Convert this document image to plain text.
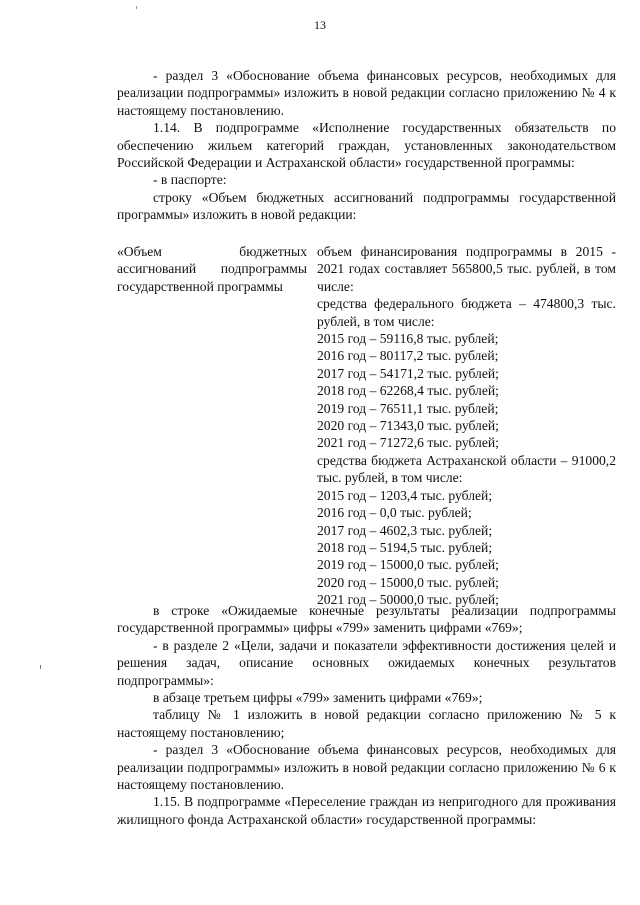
13

- раздел 3 «Обоснование объема финансовых ресурсов, необходимых для реализации подпрограммы» изложить в новой редакции согласно приложению № 4 к настоящему постановлению.

1.14. В подпрограмме «Исполнение государственных обязательств по обеспечению жильем категорий граждан, установленных законодательством Российской Федерации и Астраханской области» государственной программы:

- в паспорте:

строку «Объем бюджетных ассигнований подпрограммы государственной программы» изложить в новой редакции:

«Объем бюджетных ассигнований подпрограммы государственной программы

объем финансирования подпрограммы в 2015 - 2021 годах составляет 565800,5 тыс. рублей, в том числе:

средства федерального бюджета – 474800,3 тыс. рублей, в том числе:

2015 год – 59116,8 тыс. рублей;

2016 год – 80117,2 тыс. рублей;

2017 год – 54171,2 тыс. рублей;

2018 год – 62268,4 тыс. рублей;

2019 год – 76511,1 тыс. рублей;

2020 год – 71343,0 тыс. рублей;

2021 год – 71272,6 тыс. рублей;

средства бюджета Астраханской области – 91000,2 тыс. рублей, в том числе:

2015 год – 1203,4 тыс. рублей;

2016 год – 0,0 тыс. рублей;

2017 год – 4602,3 тыс. рублей;

2018 год – 5194,5 тыс. рублей;

2019 год – 15000,0 тыс. рублей;

2020 год – 15000,0 тыс. рублей;

2021 год – 50000,0 тыс. рублей;

в строке «Ожидаемые конечные результаты реализации подпрограммы государственной программы» цифры «799» заменить цифрами «769»;

- в разделе 2 «Цели, задачи и показатели эффективности достижения целей и решения задач, описание основных ожидаемых конечных результатов подпрограммы»:

в абзаце третьем цифры «799» заменить цифрами «769»;

таблицу № 1 изложить в новой редакции согласно приложению № 5 к настоящему постановлению;

- раздел 3 «Обоснование объема финансовых ресурсов, необходимых для реализации подпрограммы» изложить в новой редакции согласно приложению № 6 к настоящему постановлению.

1.15. В подпрограмме «Переселение граждан из непригодного для проживания жилищного фонда Астраханской области» государственной программы:
